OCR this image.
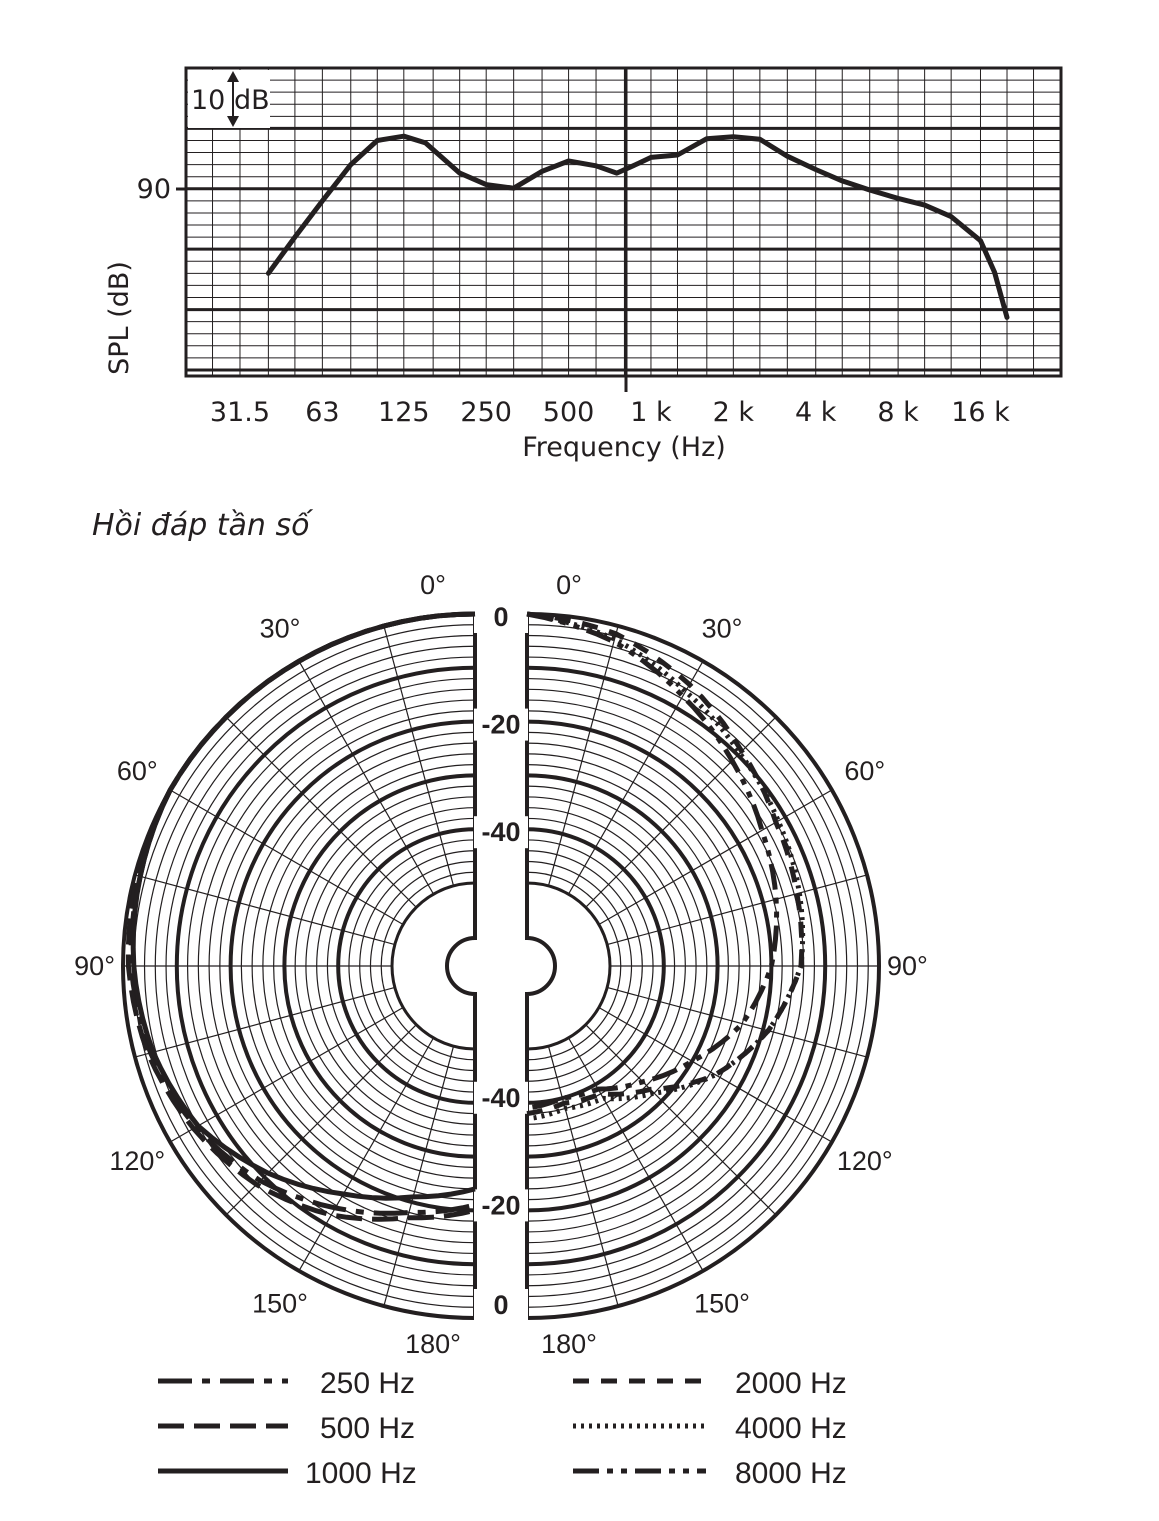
10 dB
90
SPL (dB)
31.5 63 125 250 500 1 k 2 k 4 k 8 k 16 k
Frequency (Hz)
Hồi đáp tần số
0°	0°
30°	30°
60°	60°
90°	90°
120°	120°
150°	150°
180°	180°
0
-20
-40
-40
-20
0
250 Hz
500 Hz
1000 Hz
2000 Hz
4000 Hz
8000 Hz
